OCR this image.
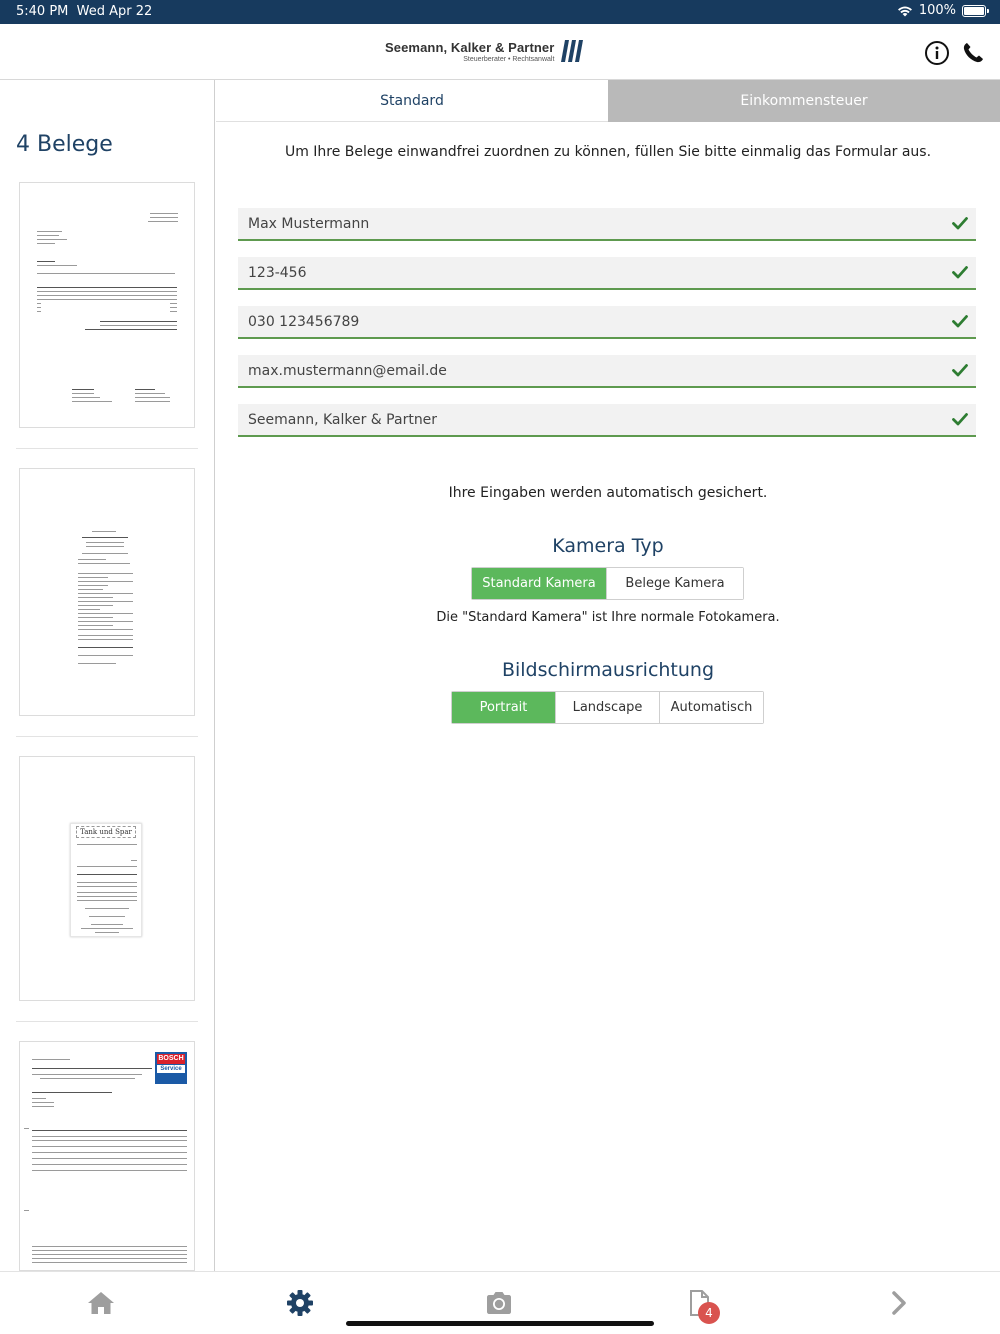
5:40 PM Wed Apr 22	100%
Seemann, Kalker & Partner
Steuerberater • Rechtsanwalt
4 Belege
Tank und Spar
BOSCH
Service
Standard	Einkommensteuer
Um Ihre Belege einwandfrei zuordnen zu können, füllen Sie bitte einmalig das Formular aus.
Max Mustermann
123-456
030 123456789
max.mustermann@email.de
Seemann, Kalker & Partner
Ihre Eingaben werden automatisch gesichert.
Kamera Typ
Standard Kamera	Belege Kamera
Die "Standard Kamera" ist Ihre normale Fotokamera.
Bildschirmausrichtung
Portrait	Landscape	Automatisch
4
